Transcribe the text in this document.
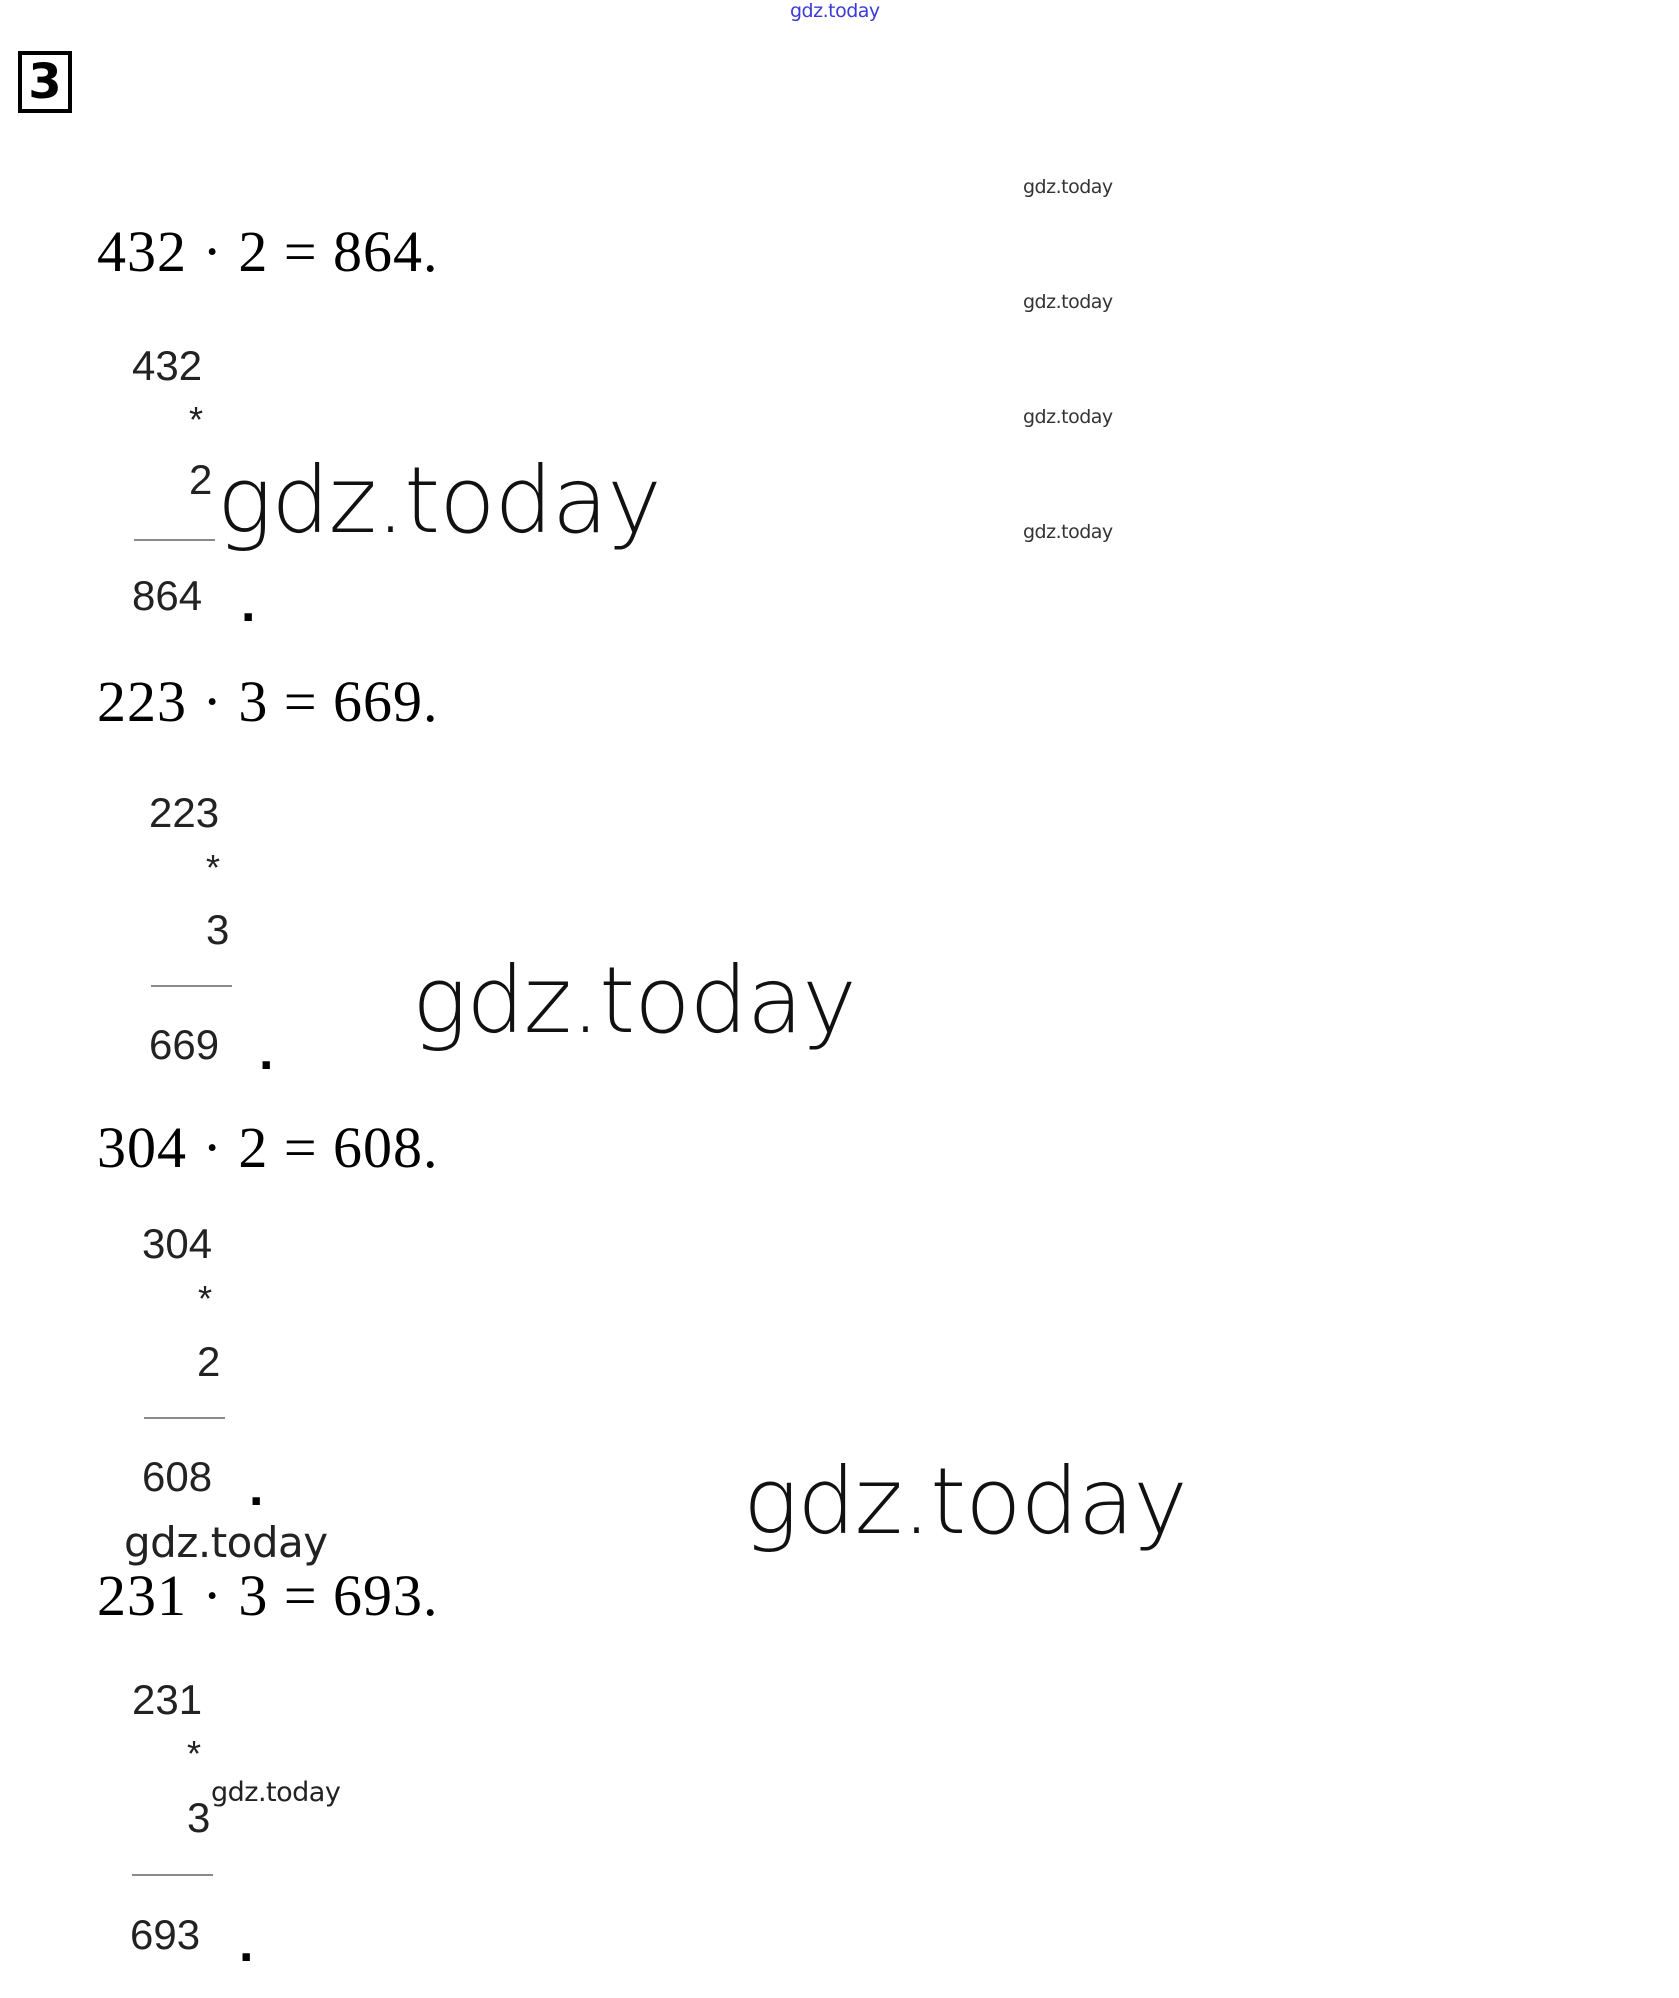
gdz.today
3
gdz.today
gdz.today
gdz.today
gdz.today
432 · 2 = 864.
432
*
2
864 .
gdz.today
223 · 3 = 669.
223
*
3
669 . gdz.today
304 · 2 = 608.
304
*
2
608 .	gdz.today
gdz.today
231 · 3 = 693.
231
*
3
693 .
gdz.today
